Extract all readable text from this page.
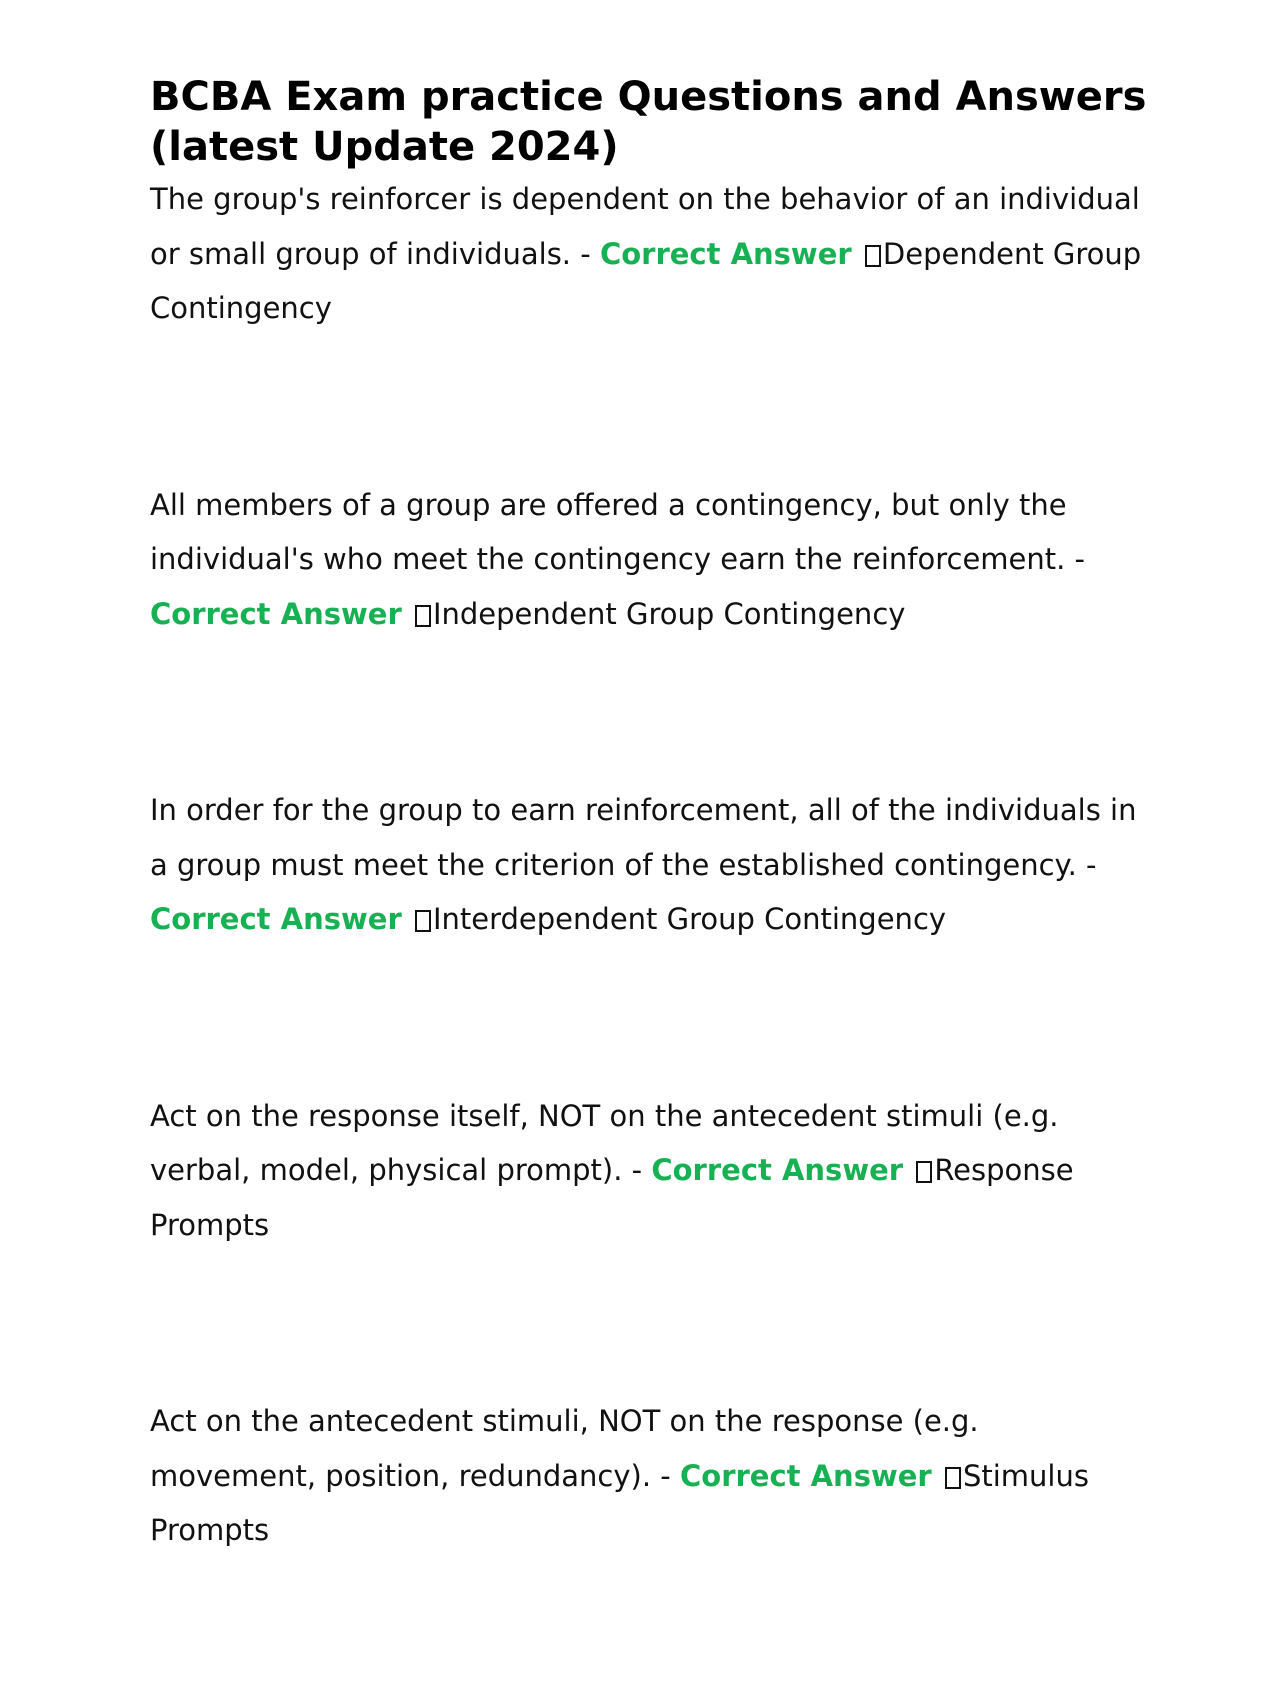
BCBA Exam practice Questions and Answers (latest Update 2024)

The group's reinforcer is dependent on the behavior of an individual or small group of individuals. - Correct Answer Dependent Group Contingency

All members of a group are offered a contingency, but only the individual's who meet the contingency earn the reinforcement. - Correct Answer Independent Group Contingency

In order for the group to earn reinforcement, all of the individuals in a group must meet the criterion of the established contingency. - Correct Answer Interdependent Group Contingency

Act on the response itself, NOT on the antecedent stimuli (e.g. verbal, model, physical prompt). - Correct Answer Response Prompts

Act on the antecedent stimuli, NOT on the response (e.g. movement, position, redundancy). - Correct Answer Stimulus Prompts
